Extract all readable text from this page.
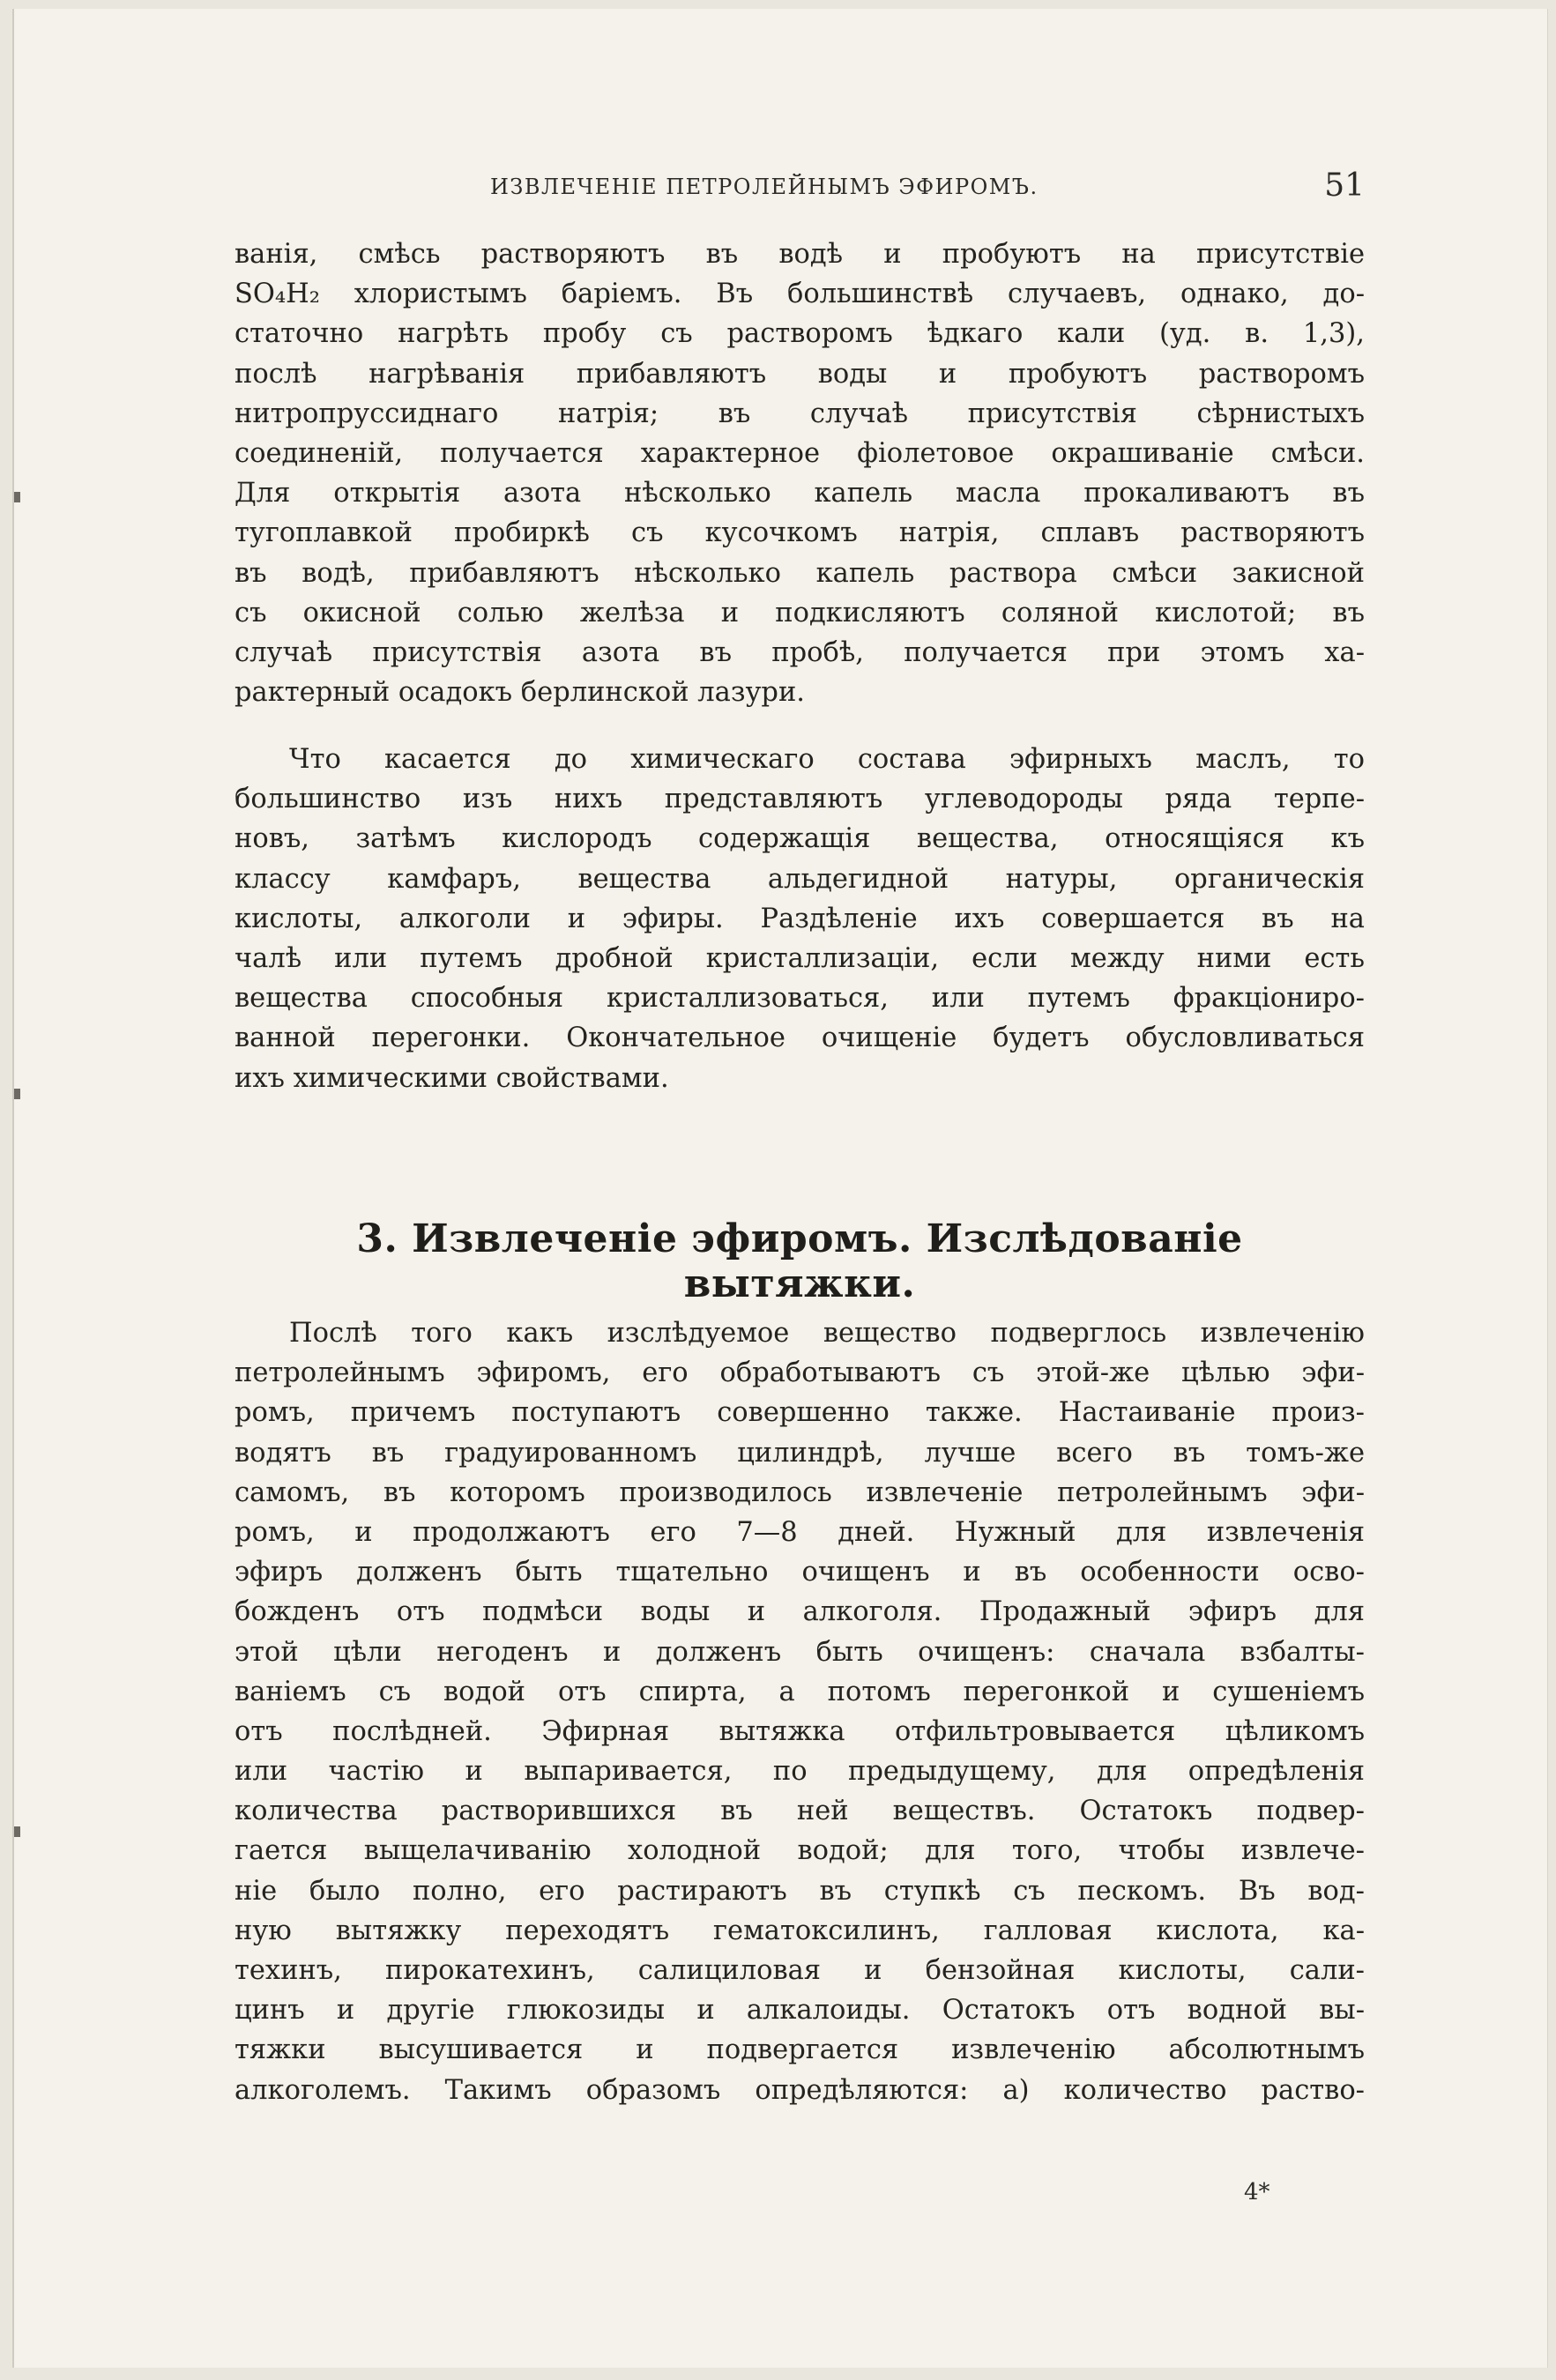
ИЗВЛЕЧЕНІЕ ПЕТРОЛЕЙНЫМЪ ЭФИРОМЪ.	51
ванія, смѣсь растворяютъ въ водѣ и пробуютъ на присутствіе
SO₄H₂ хлористымъ баріемъ. Въ большинствѣ случаевъ, однако, до-
статочно нагрѣть пробу съ растворомъ ѣдкаго кали (уд. в. 1,3),
послѣ нагрѣванія прибавляютъ воды и пробуютъ растворомъ
нитропруссиднаго натрія; въ случаѣ присутствія сѣрнистыхъ
соединеній, получается характерное фіолетовое окрашиваніе смѣси.
Для открытія азота нѣсколько капель масла прокаливаютъ въ
тугоплавкой пробиркѣ съ кусочкомъ натрія, сплавъ растворяютъ
въ водѣ, прибавляютъ нѣсколько капель раствора смѣси закисной
съ окисной солью желѣза и подкисляютъ соляной кислотой; въ
случаѣ присутствія азота въ пробѣ, получается при этомъ ха-
рактерный осадокъ берлинской лазури.
Что касается до химическаго состава эфирныхъ маслъ, то
большинство изъ нихъ представляютъ углеводороды ряда терпе-
новъ, затѣмъ кислородъ содержащія вещества, относящіяся къ
классу камфаръ, вещества альдегидной натуры, органическія
кислоты, алкоголи и эфиры. Раздѣленіе ихъ совершается въ на
чалѣ или путемъ дробной кристаллизаціи, если между ними есть
вещества способныя кристаллизоваться, или путемъ фракціониро-
ванной перегонки. Окончательное очищеніе будетъ обусловливаться
ихъ химическими свойствами.
3. Извлеченіе эфиромъ. Изслѣдованіе вытяжки.
Послѣ того какъ изслѣдуемое вещество подверглось извлеченію
петролейнымъ эфиромъ, его обработываютъ съ этой-же цѣлью эфи-
ромъ, причемъ поступаютъ совершенно также. Настаиваніе произ-
водятъ въ градуированномъ цилиндрѣ, лучше всего въ томъ-же
самомъ, въ которомъ производилось извлеченіе петролейнымъ эфи-
ромъ, и продолжаютъ его 7—8 дней. Нужный для извлеченія
эфиръ долженъ быть тщательно очищенъ и въ особенности осво-
божденъ отъ подмѣси воды и алкоголя. Продажный эфиръ для
этой цѣли негоденъ и долженъ быть очищенъ: сначала взбалты-
ваніемъ съ водой отъ спирта, а потомъ перегонкой и сушеніемъ
отъ послѣдней. Эфирная вытяжка отфильтровывается цѣликомъ
или частію и выпаривается, по предыдущему, для опредѣленія
количества растворившихся въ ней веществъ. Остатокъ подвер-
гается выщелачиванію холодной водой; для того, чтобы извлече-
ніе было полно, его растираютъ въ ступкѣ съ пескомъ. Въ вод-
ную вытяжку переходятъ гематоксилинъ, галловая кислота, ка-
техинъ, пирокатехинъ, салициловая и бензойная кислоты, сали-
цинъ и другіе глюкозиды и алкалоиды. Остатокъ отъ водной вы-
тяжки высушивается и подвергается извлеченію абсолютнымъ
алкоголемъ. Такимъ образомъ опредѣляются: а) количество раство-
4*
